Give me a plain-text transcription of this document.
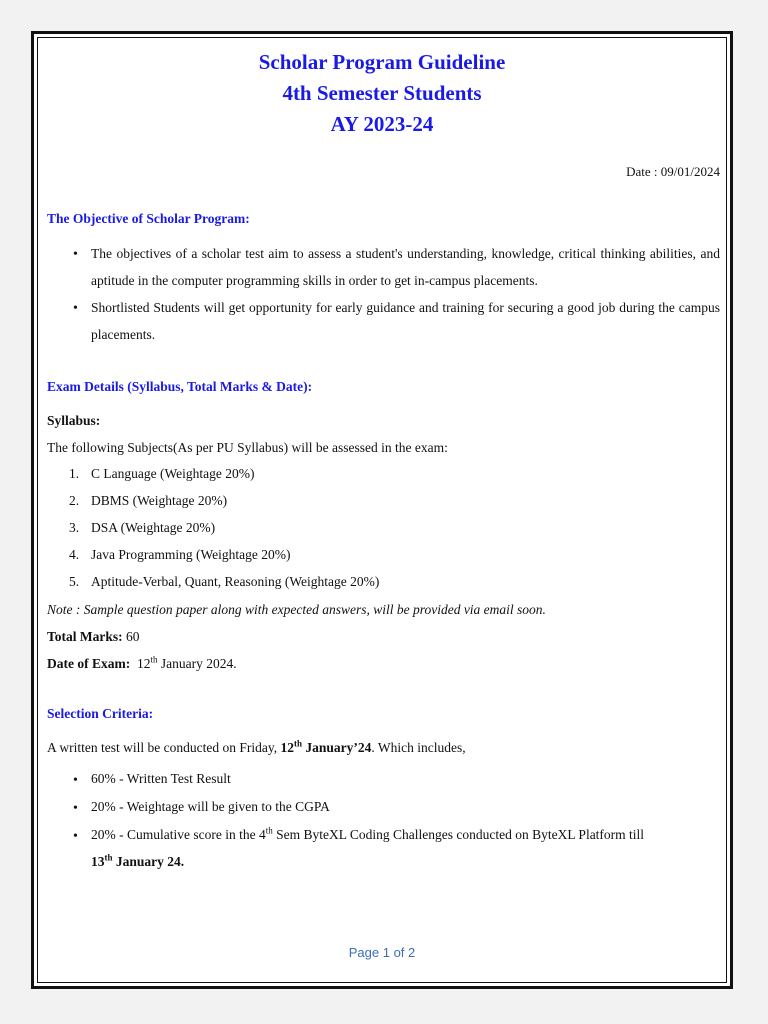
Scholar Program Guideline
4th Semester Students
AY 2023-24
Date : 09/01/2024
The Objective of Scholar Program:
• The objectives of a scholar test aim to assess a student's understanding, knowledge, critical thinking abilities, and aptitude in the computer programming skills in order to get in-campus placements.
• Shortlisted Students will get opportunity for early guidance and training for securing a good job during the campus placements.
Exam Details (Syllabus, Total Marks & Date):
Syllabus:
The following Subjects(As per PU Syllabus) will be assessed in the exam:
1. C Language (Weightage 20%)
2. DBMS (Weightage 20%)
3. DSA (Weightage 20%)
4. Java Programming (Weightage 20%)
5. Aptitude-Verbal, Quant, Reasoning (Weightage 20%)
Note : Sample question paper along with expected answers, will be provided via email soon.
Total Marks: 60
Date of Exam: 12th January 2024.
Selection Criteria:
A written test will be conducted on Friday, 12th January’24. Which includes,
• 60% - Written Test Result
• 20% - Weightage will be given to the CGPA
• 20% - Cumulative score in the 4th Sem ByteXL Coding Challenges conducted on ByteXL Platform till
13th January 24.
Page 1 of 2
